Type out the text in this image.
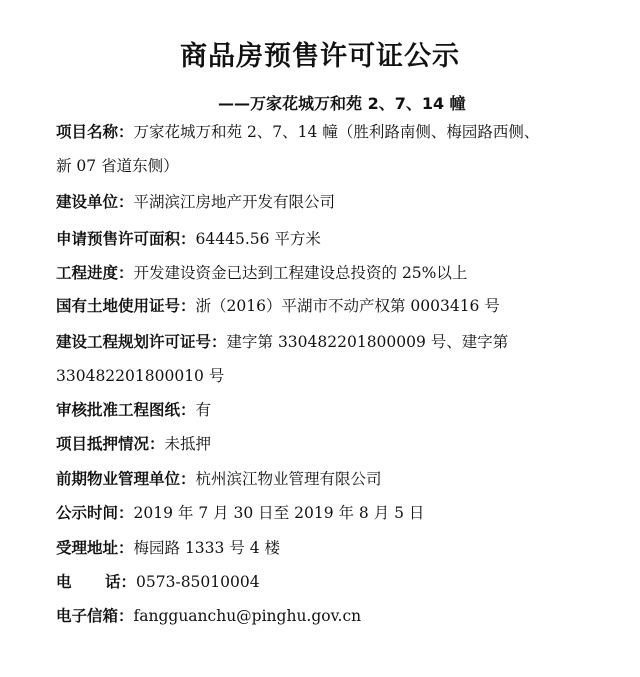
商品房预售许可证公示
——万家花城万和苑 2、7、14 幢
项目名称：万家花城万和苑 2、7、14 幢（胜利路南侧、梅园路西侧、
新 07 省道东侧）
建设单位：平湖滨江房地产开发有限公司
申请预售许可面积：64445.56 平方米
工程进度：开发建设资金已达到工程建设总投资的 25%以上
国有土地使用证号：浙（2016）平湖市不动产权第 0003416 号
建设工程规划许可证号：建字第 330482201800009 号、建字第
330482201800010 号
审核批准工程图纸：有
项目抵押情况：未抵押
前期物业管理单位：杭州滨江物业管理有限公司
公示时间：2019 年 7 月 30 日至 2019 年 8 月 5 日
受理地址：梅园路 1333 号 4 楼
电 话：0573-85010004
电子信箱：fangguanchu@pinghu.gov.cn
